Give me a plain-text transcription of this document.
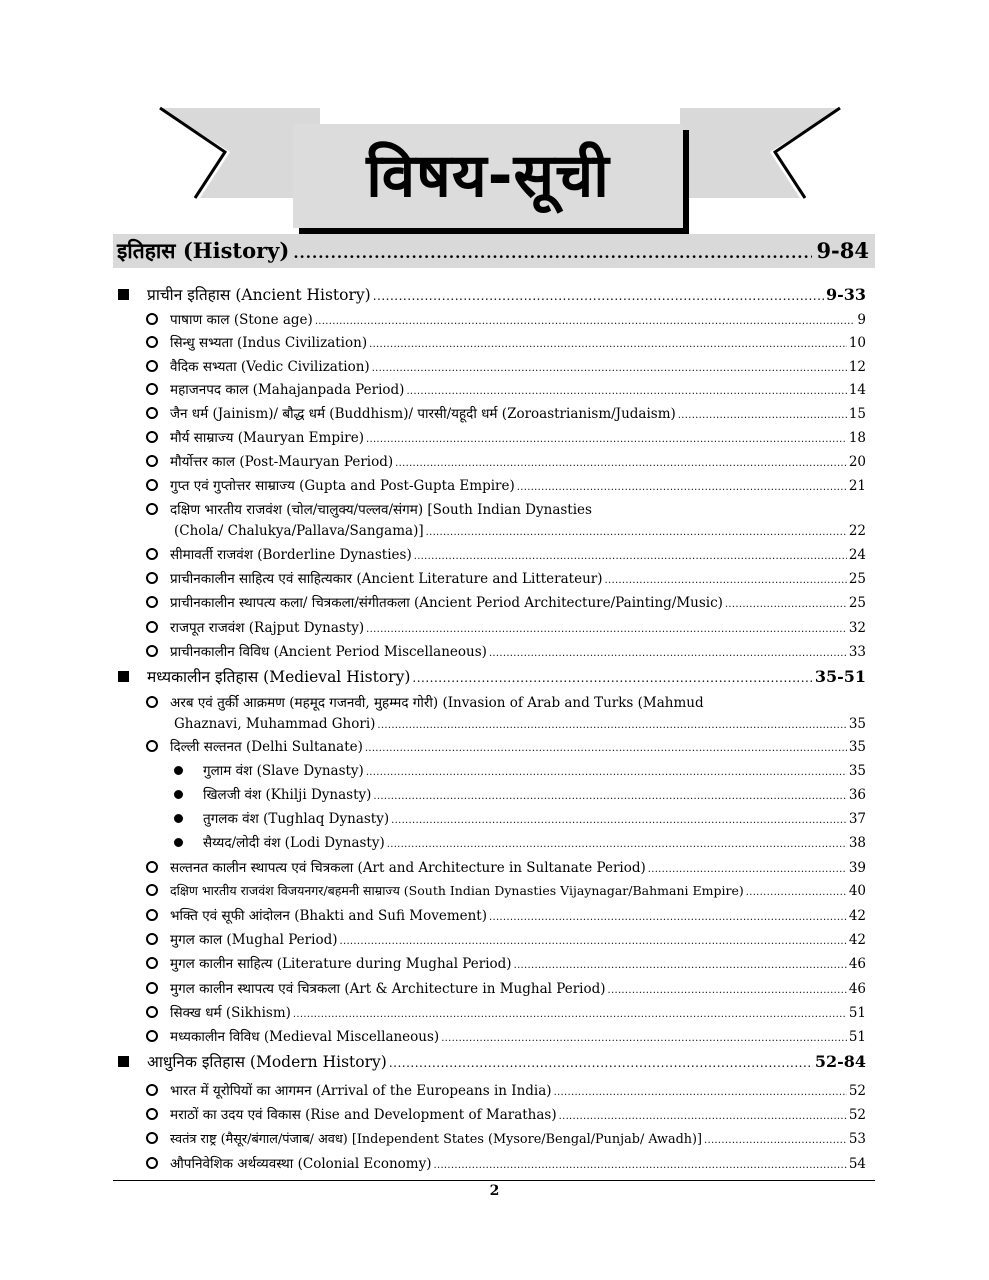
विषय-सूची
इतिहास (History) .....	9-84
प्राचीन इतिहास (Ancient History) .....	9-33
पाषाण काल (Stone age) .....	9
सिन्धु सभ्यता (Indus Civilization) .....	10
वैदिक सभ्यता (Vedic Civilization) .....	12
महाजनपद काल (Mahajanpada Period) .....	14
जैन धर्म (Jainism)/ बौद्ध धर्म (Buddhism)/ पारसी/यहूदी धर्म (Zoroastrianism/Judaism) .....	15
मौर्य साम्राज्य (Mauryan Empire) .....	18
मौर्योत्तर काल (Post-Mauryan Period) .....	20
गुप्त एवं गुप्तोत्तर साम्राज्य (Gupta and Post-Gupta Empire) .....	21
दक्षिण भारतीय राजवंश (चोल/चालुक्य/पल्लव/संगम) [South Indian Dynasties
(Chola/ Chalukya/Pallava/Sangama)] .....	22
सीमावर्ती राजवंश (Borderline Dynasties) .....	24
प्राचीनकालीन साहित्य एवं साहित्यकार (Ancient Literature and Litterateur) .....	25
प्राचीनकालीन स्थापत्य कला/ चित्रकला/संगीतकला (Ancient Period Architecture/Painting/Music) .....	25
राजपूत राजवंश (Rajput Dynasty) .....	32
प्राचीनकालीन विविध (Ancient Period Miscellaneous) .....	33
मध्यकालीन इतिहास (Medieval History) .....	35-51
अरब एवं तुर्की आक्रमण (महमूद गजनवी, मुहम्मद गोरी) (Invasion of Arab and Turks (Mahmud
Ghaznavi, Muhammad Ghori) .....	35
दिल्ली सल्तनत (Delhi Sultanate) .....	35
गुलाम वंश (Slave Dynasty) .....	35
खिलजी वंश (Khilji Dynasty) .....	36
तुगलक वंश (Tughlaq Dynasty) .....	37
सैय्यद/लोदी वंश (Lodi Dynasty) .....	38
सल्तनत कालीन स्थापत्य एवं चित्रकला (Art and Architecture in Sultanate Period) .....	39
दक्षिण भारतीय राजवंश विजयनगर/बहमनी साम्राज्य (South Indian Dynasties Vijaynagar/Bahmani Empire) .....	40
भक्ति एवं सूफी आंदोलन (Bhakti and Sufi Movement) .....	42
मुगल काल (Mughal Period) .....	42
मुगल कालीन साहित्य (Literature during Mughal Period) .....	46
मुगल कालीन स्थापत्य एवं चित्रकला (Art & Architecture in Mughal Period) .....	46
सिक्ख धर्म (Sikhism) .....	51
मध्यकालीन विविध (Medieval Miscellaneous) .....	51
आधुनिक इतिहास (Modern History) .....	52-84
भारत में यूरोपियों का आगमन (Arrival of the Europeans in India) .....	52
मराठों का उदय एवं विकास (Rise and Development of Marathas) .....	52
स्वतंत्र राष्ट्र (मैसूर/बंगाल/पंजाब/ अवध) [Independent States (Mysore/Bengal/Punjab/ Awadh)] .....	53
औपनिवेशिक अर्थव्यवस्था (Colonial Economy) .....	54
2
